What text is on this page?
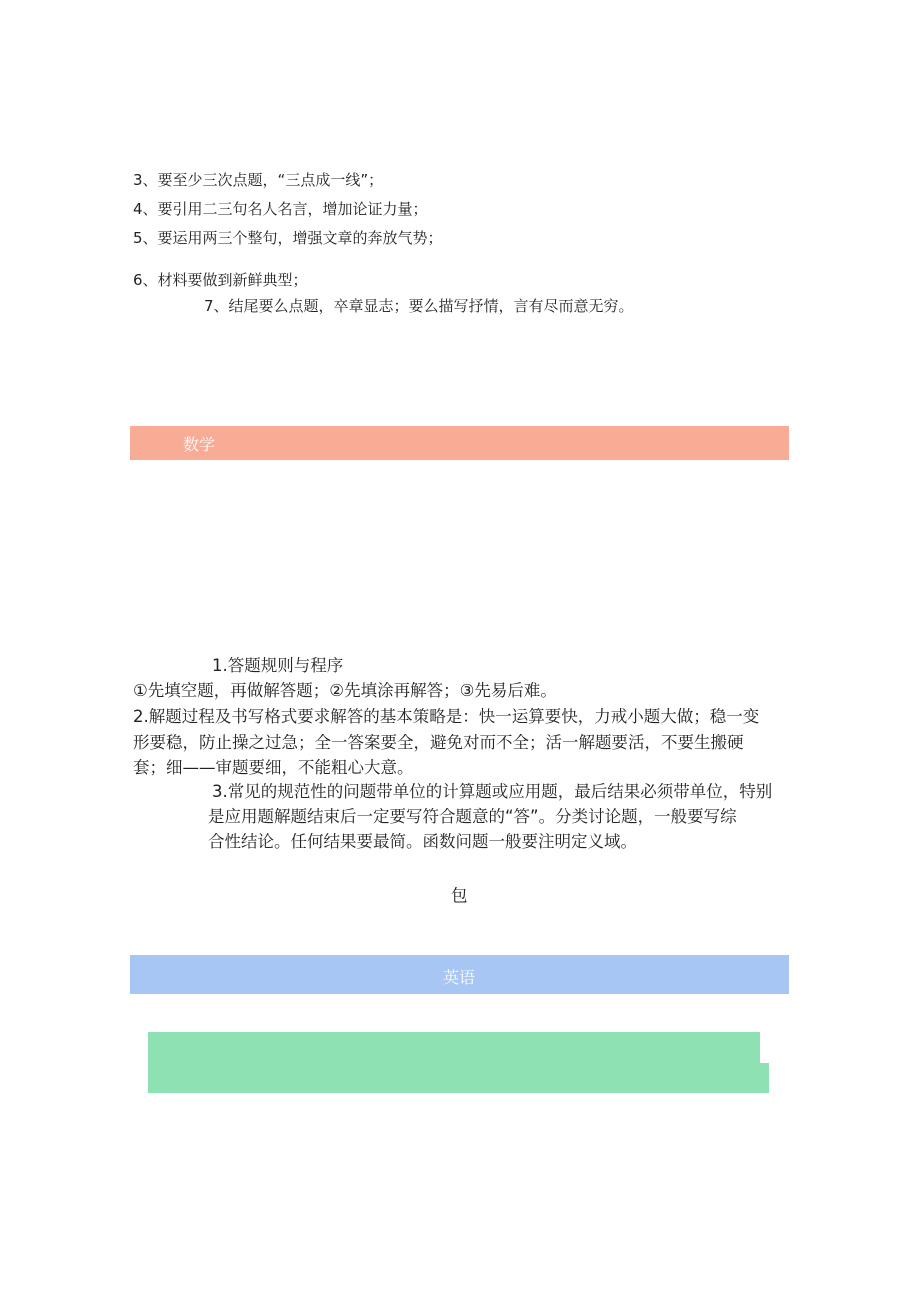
3、要至少三次点题，“三点成一线”；
4、要引用二三句名人名言，增加论证力量；
5、要运用两三个整句，增强文章的奔放气势；
6、材料要做到新鲜典型；
7、结尾要么点题，卒章显志；要么描写抒情，言有尽而意无穷。
数学
1.答题规则与程序
①先填空题，再做解答题；②先填涂再解答；③先易后难。
2.解题过程及书写格式要求解答的基本策略是：快一运算要快，力戒小题大做；稳一变
形要稳，防止操之过急；全一答案要全，避免对而不全；活一解题要活，不要生搬硬
套；细——审题要细，不能粗心大意。
3.常见的规范性的问题带单位的计算题或应用题，最后结果必须带单位，特别
是应用题解题结束后一定要写符合题意的“答”。分类讨论题，一般要写综
合性结论。任何结果要最简。函数问题一般要注明定义域。
包
英语
